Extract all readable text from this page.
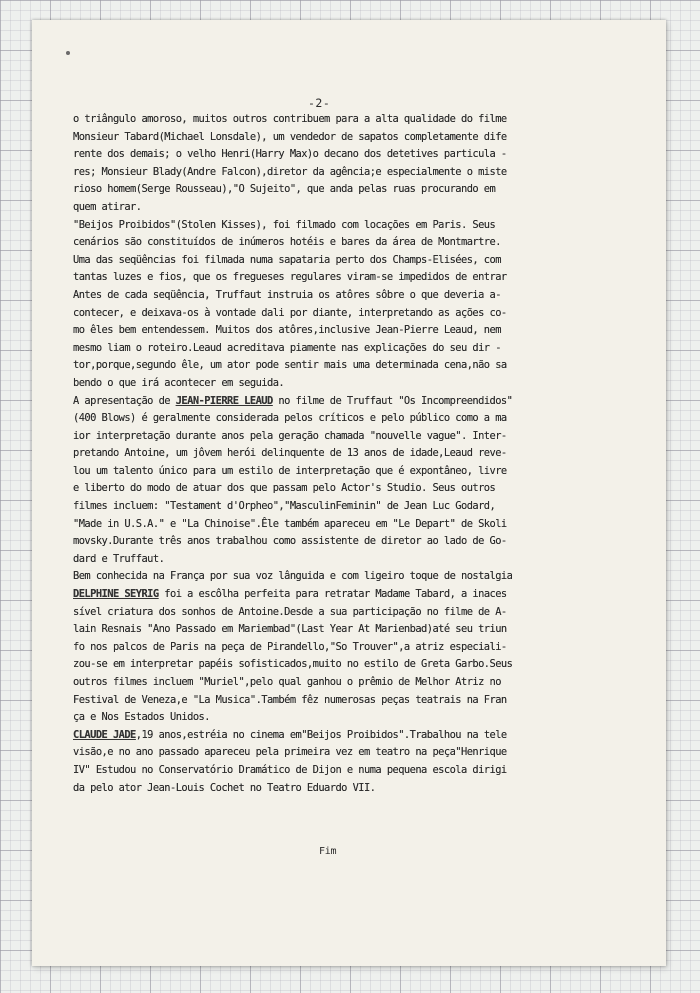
-2-
o triângulo amoroso, muitos outros contribuem para a alta qualidade do filme
Monsieur Tabard(Michael Lonsdale), um vendedor de sapatos completamente dife
rente dos demais; o velho Henri(Harry Max)o decano dos detetives particula -
res; Monsieur Blady(Andre Falcon),diretor da agência;e especialmente o miste
rioso homem(Serge Rousseau),"O Sujeito", que anda pelas ruas procurando em
quem atirar.
"Beijos Proibidos"(Stolen Kisses), foi filmado com locações em Paris. Seus
cenários são constituídos de inúmeros hotéis e bares da área de Montmartre.
Uma das seqüências foi filmada numa sapataria perto dos Champs-Elisées, com
tantas luzes e fios, que os fregueses regulares viram-se impedidos de entrar
Antes de cada seqüência, Truffaut instruia os atôres sôbre o que deveria a-
contecer, e deixava-os à vontade dali por diante, interpretando as ações co-
mo êles bem entendessem. Muitos dos atôres,inclusive Jean-Pierre Leaud, nem
mesmo liam o roteiro.Leaud acreditava piamente nas explicações do seu dir -
tor,porque,segundo êle, um ator pode sentir mais uma determinada cena,não sa
bendo o que irá acontecer em seguida.
A apresentação de JEAN-PIERRE LEAUD no filme de Truffaut "Os Incompreendidos"
(400 Blows) é geralmente considerada pelos críticos e pelo público como a ma
ior interpretação durante anos pela geração chamada "nouvelle vague". Inter-
pretando Antoine, um jôvem herói delinquente de 13 anos de idade,Leaud reve-
lou um talento único para um estilo de interpretação que é expontâneo, livre
e liberto do modo de atuar dos que passam pelo Actor's Studio. Seus outros
filmes incluem: "Testament d'Orpheo","MasculinFeminin" de Jean Luc Godard,
"Made in U.S.A." e "La Chinoise".Êle também apareceu em "Le Depart" de Skoli
movsky.Durante três anos trabalhou como assistente de diretor ao lado de Go-
dard e Truffaut.
Bem conhecida na França por sua voz lânguida e com ligeiro toque de nostalgia
DELPHINE SEYRIG foi a escôlha perfeita para retratar Madame Tabard, a inaces
sível criatura dos sonhos de Antoine.Desde a sua participação no filme de A-
lain Resnais "Ano Passado em Mariembad"(Last Year At Marienbad)até seu triun
fo nos palcos de Paris na peça de Pirandello,"So Trouver",a atriz especiali-
zou-se em interpretar papéis sofisticados,muito no estilo de Greta Garbo.Seus
outros filmes incluem "Muriel",pelo qual ganhou o prêmio de Melhor Atriz no
Festival de Veneza,e "La Musica".Também fêz numerosas peças teatrais na Fran
ça e Nos Estados Unidos.
CLAUDE JADE,19 anos,estréia no cinema em"Beijos Proibidos".Trabalhou na tele
visão,e no ano passado apareceu pela primeira vez em teatro na peça"Henrique
IV" Estudou no Conservatório Dramático de Dijon e numa pequena escola dirigi
da pelo ator Jean-Louis Cochet no Teatro Eduardo VII.
Fim
